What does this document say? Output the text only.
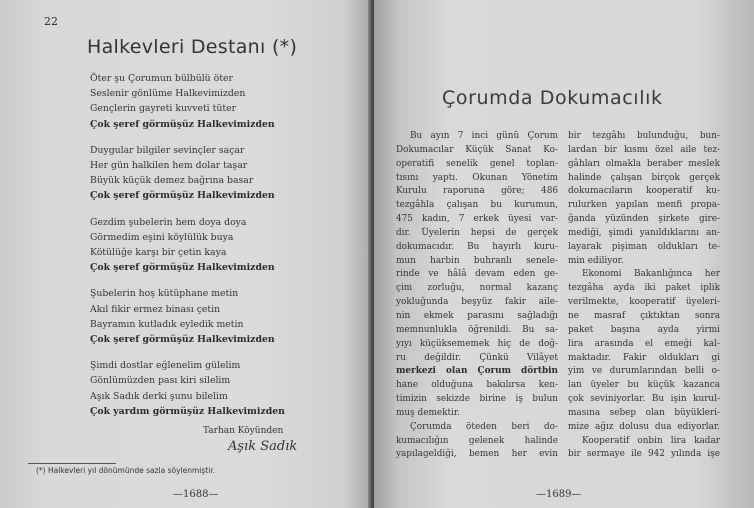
22
Halkevleri Destanı (*)
Öter şu Çorumun bülbülü öter
Seslenir gönlüme Halkevimizden
Gençlerin gayreti kuvveti tüter
Çok şeref görmüşüz Halkevimizden
Duygular bilgiler sevinçler saçar
Her gün halkilen hem dolar taşar
Büyük küçük demez bağrına basar
Çok şeref görmüşüz Halkevimizden
Gezdim şubelerin hem doya doya
Görmedim eşini köylülük buya
Kötülüğe karşı bir çetin kaya
Çok şeref görmüşüz Halkevimizden
Şubelerin hoş kütüphane metin
Akıl fikir ermez binası çetin
Bayramın kutladık eyledik metin
Çok şeref görmüşüz Halkevimizden
Şimdi dostlar eğlenelim gülelim
Gönlümüzden pası kiri silelim
Aşık Sadık derki şunu bilelim
Çok yardım görmüşüz Halkevimizden
Tarhan Köyünden
Aşık Sadık
(*) Halkevleri yıl dönümünde sazla söylenmiştir.
—1688—
Çorumda Dokumacılık
Bu ayın 7 inci günü Çorum
Dokumacılar Küçük Sanat Ko-
operatifi senelik genel toplan-
tısını yaptı. Okunan Yönetim
Kurulu raporuna göre; 486
tezgâhla çalışan bu kurumun,
475 kadın, 7 erkek üyesi var-
dır. Üyelerin hepsi de gerçek
dokumacıdır. Bu hayırlı kuru-
mun harbin buhranlı senele-
rinde ve hâlâ devam eden ge-
çim zorluğu, normal kazanç
yokluğunda beşyüz fakir aile-
nin ekmek parasını sağladığı
memnunlukla öğrenildi. Bu sa-
yıyı küçüksememek hiç de doğ-
ru değildir. Çünkü Vilâyet
merkezi olan Çorum dörtbin
hane olduğuna bakılırsa ken-
timizin sekizde birine iş bulun
muş demektir.
Çorumda öteden beri do-
kumacılığın gelenek halinde
yapılageldiği, bemen her evin
bir tezgâhı bulunduğu, bun-
lardan bir kısmı özel aile tez-
gâhları olmakla beraber meslek
halinde çalışan birçok gerçek
dokumacıların kooperatif ku-
rulurken yapılan menfi propa-
ğanda yüzünden şirkete gire-
mediği, şimdi yanıldıklarını an-
layarak pişiman oldukları te-
min ediliyor.
Ekonomi Bakanlığınca her
tezgâha ayda iki paket iplik
verilmekte, kooperatif üyeleri-
ne masraf çıktıktan sonra
paket başına ayda yirmi
lira arasında el emeği kal-
maktadır. Fakir oldukları gi
yim ve durumlarından belli o-
lan üyeler bu küçük kazanca
çok seviniyorlar. Bu işin kurul-
masına sebep olan büyükleri-
mize ağız dolusu dua ediyorlar.
Kooperatif onbin lira kadar
bir sermaye ile 942 yılında işe
—1689—
